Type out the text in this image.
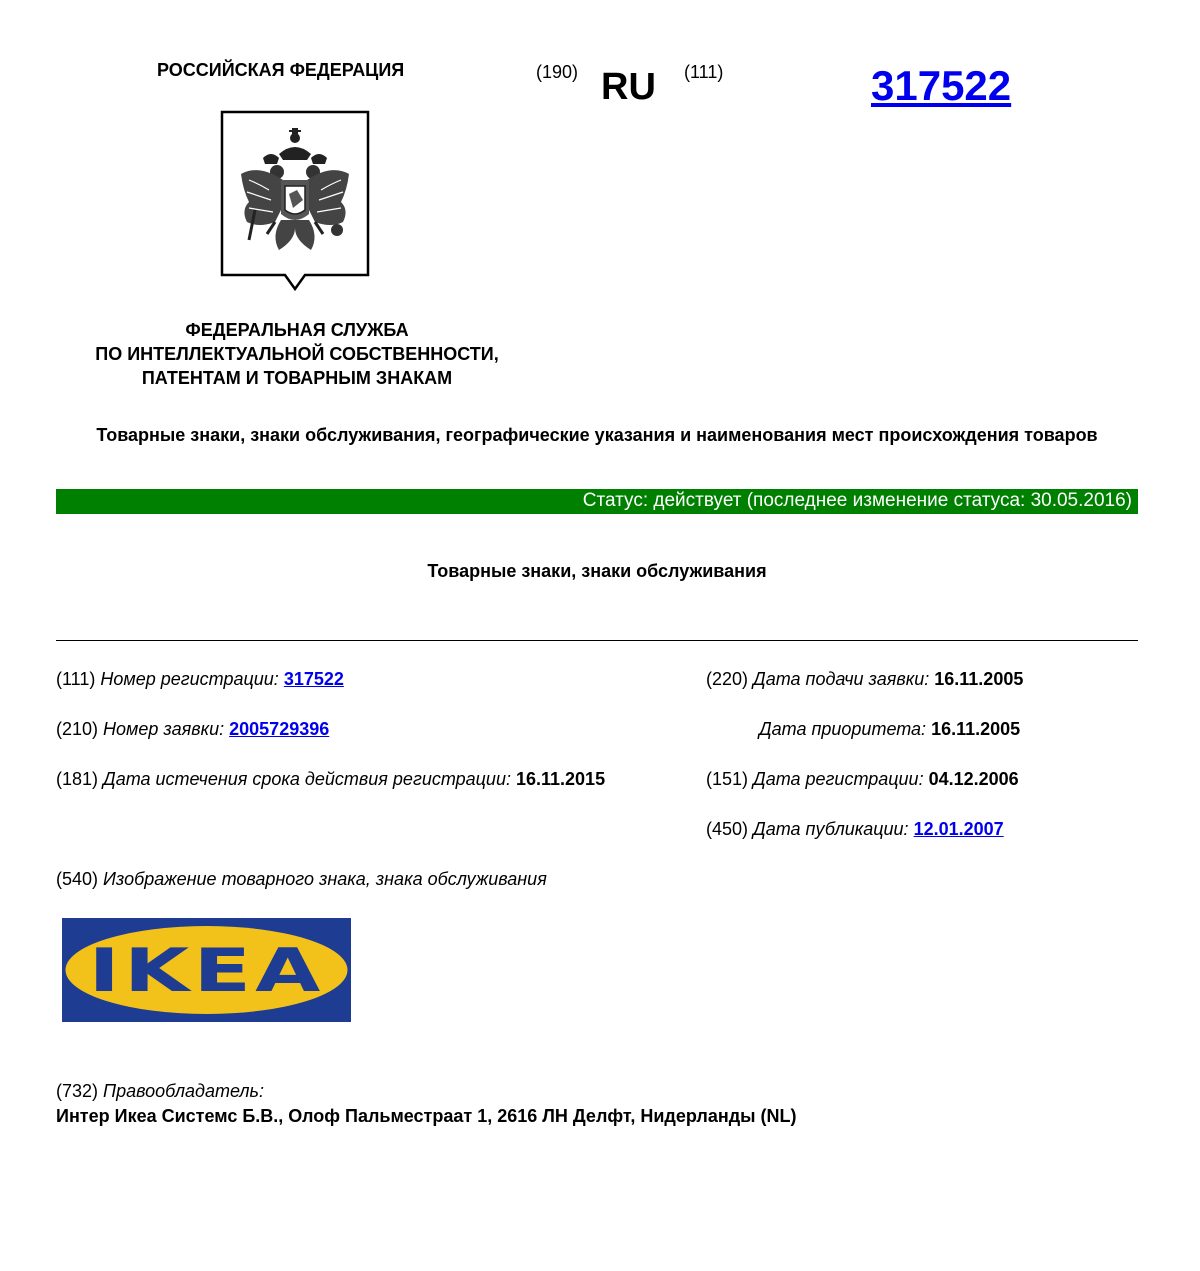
РОССИЙСКАЯ ФЕДЕРАЦИЯ	(190) RU (111)	317522
ФЕДЕРАЛЬНАЯ СЛУЖБА
ПО ИНТЕЛЛЕКТУАЛЬНОЙ СОБСТВЕННОСТИ,
ПАТЕНТАМ И ТОВАРНЫМ ЗНАКАМ
Товарные знаки, знаки обслуживания, географические указания и наименования мест происхождения товаров
Статус: действует (последнее изменение статуса: 30.05.2016)
Товарные знаки, знаки обслуживания
(111) Номер регистрации: 317522
(210) Номер заявки: 2005729396
(181) Дата истечения срока действия регистрации: 16.11.2015
(220) Дата подачи заявки: 16.11.2005
Дата приоритета: 16.11.2005
(151) Дата регистрации: 04.12.2006
(450) Дата публикации: 12.01.2007
(540) Изображение товарного знака, знака обслуживания
IKEA
(732) Правообладатель:
Интер Икеа Системс Б.В., Олоф Пальместраат 1, 2616 ЛН Делфт, Нидерланды (NL)
